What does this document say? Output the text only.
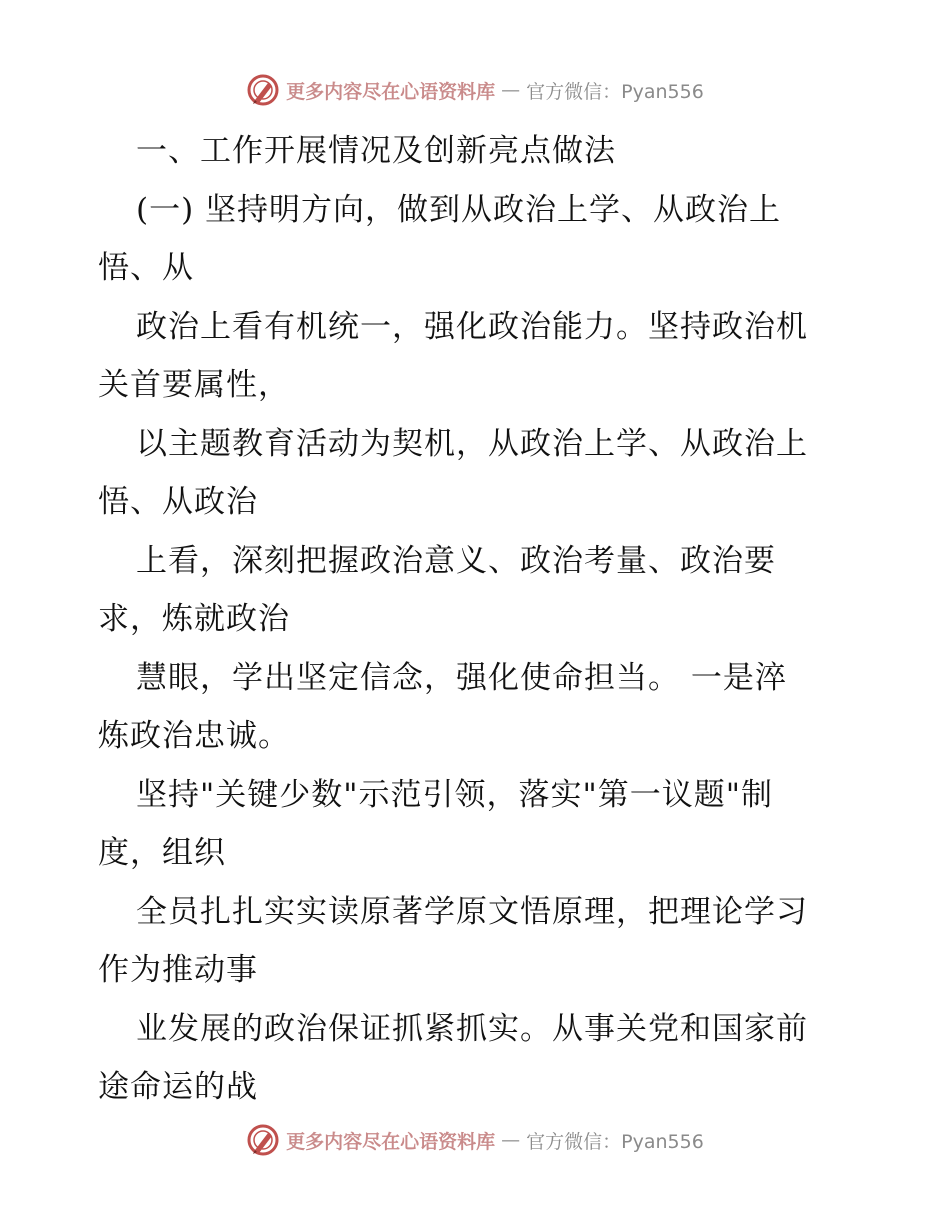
更多内容尽在心语资料库 — 官方微信：Pyan556
一、工作开展情况及创新亮点做法
(一) 坚持明方向，做到从政治上学、从政治上
悟、从
政治上看有机统一，强化政治能力。坚持政治机
关首要属性，
以主题教育活动为契机，从政治上学、从政治上
悟、从政治
上看，深刻把握政治意义、政治考量、政治要
求，炼就政治
慧眼，学出坚定信念，强化使命担当。 一是淬
炼政治忠诚。
坚持"关键少数"示范引领，落实"第一议题"制
度，组织
全员扎扎实实读原著学原文悟原理，把理论学习
作为推动事
业发展的政治保证抓紧抓实。从事关党和国家前
途命运的战
更多内容尽在心语资料库 — 官方微信：Pyan556
